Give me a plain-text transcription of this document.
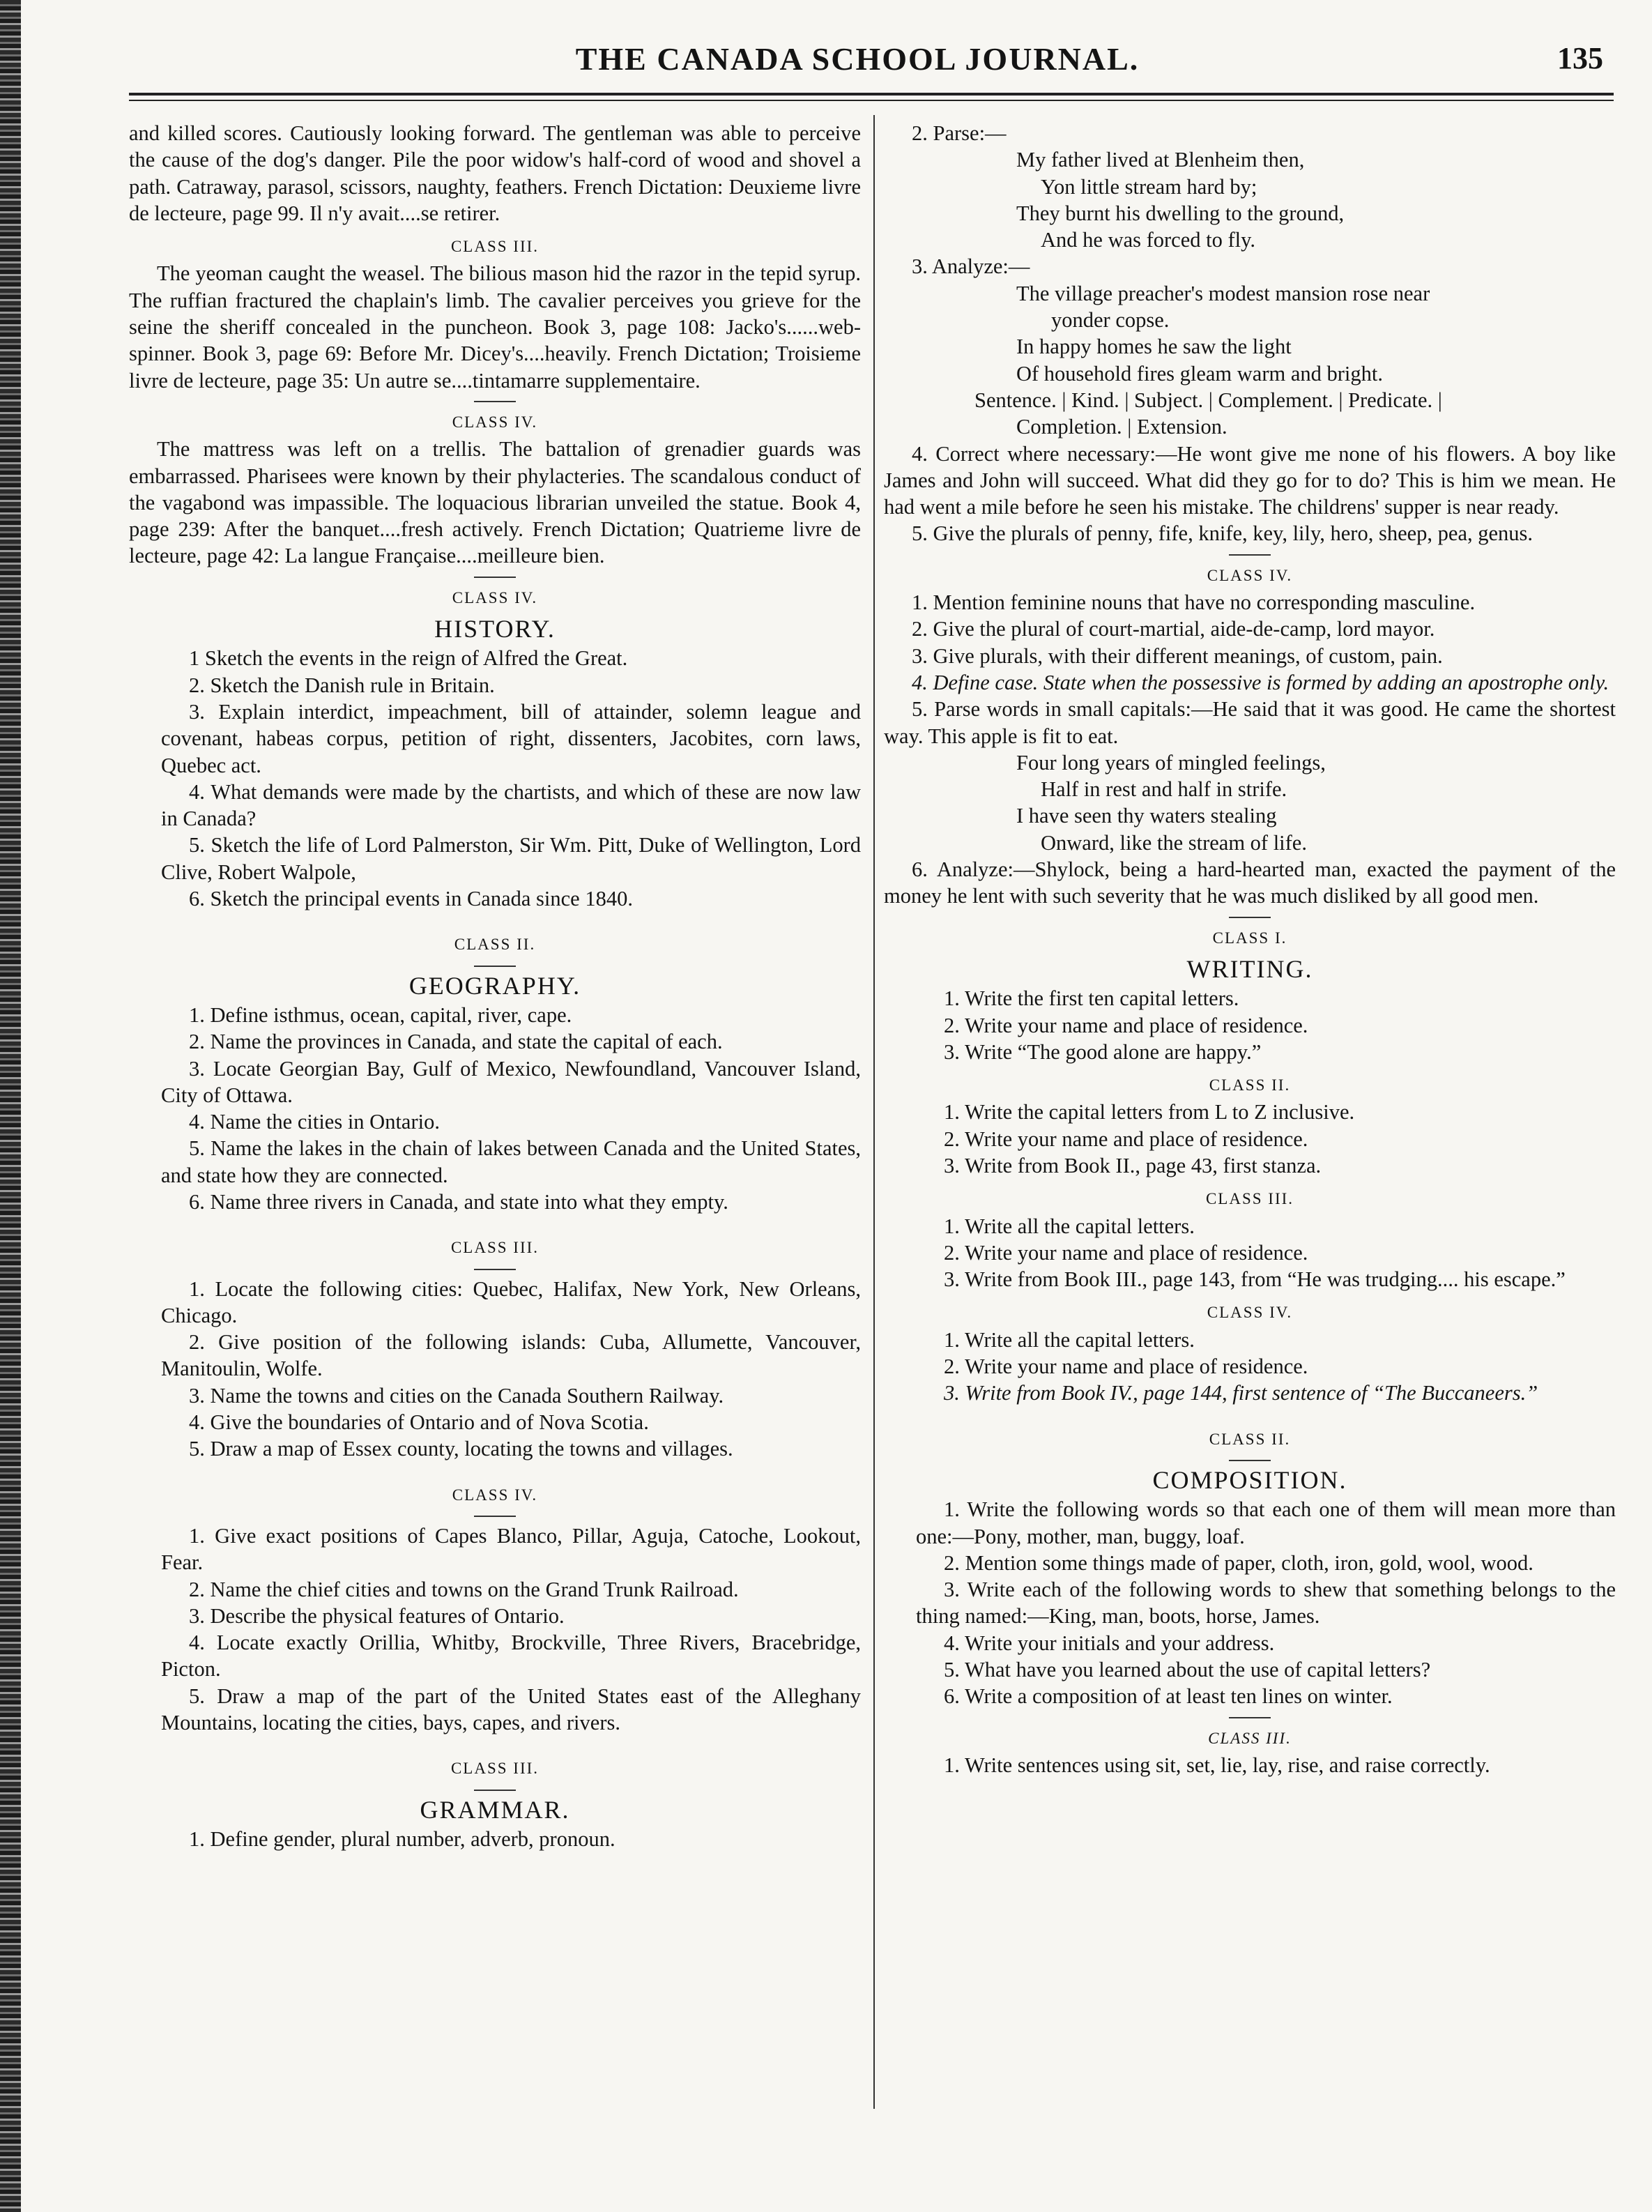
THE CANADA SCHOOL JOURNAL.	135

and killed scores. Cautiously looking forward. The gentleman was able to perceive the cause of the dog's danger. Pile the poor widow's half-cord of wood and shovel a path. Catraway, parasol, scissors, naughty, feathers. French Dictation: Deuxieme livre de lecteure, page 99. Il n'y avait....se retirer.

CLASS III.

The yeoman caught the weasel. The bilious mason hid the razor in the tepid syrup. The ruffian fractured the chaplain's limb. The cavalier perceives you grieve for the seine the sheriff concealed in the puncheon. Book 3, page 108: Jacko's......web-spinner. Book 3, page 69: Before Mr. Dicey's....heavily. French Dictation; Troisieme livre de lecteure, page 35: Un autre se....tintamarre supplementaire.

CLASS IV.

The mattress was left on a trellis. The battalion of grenadier guards was embarrassed. Pharisees were known by their phylacteries. The scandalous conduct of the vagabond was impassible. The loquacious librarian unveiled the statue. Book 4, page 239: After the banquet....fresh actively. French Dictation; Quatrieme livre de lecteure, page 42: La langue Française....meilleure bien.

CLASS IV.
HISTORY.

1 Sketch the events in the reign of Alfred the Great.

2. Sketch the Danish rule in Britain.

3. Explain interdict, impeachment, bill of attainder, solemn league and covenant, habeas corpus, petition of right, dissenters, Jacobites, corn laws, Quebec act.

4. What demands were made by the chartists, and which of these are now law in Canada?

5. Sketch the life of Lord Palmerston, Sir Wm. Pitt, Duke of Wellington, Lord Clive, Robert Walpole,

6. Sketch the principal events in Canada since 1840.

CLASS II.
GEOGRAPHY.

1. Define isthmus, ocean, capital, river, cape.

2. Name the provinces in Canada, and state the capital of each.

3. Locate Georgian Bay, Gulf of Mexico, Newfoundland, Vancouver Island, City of Ottawa.

4. Name the cities in Ontario.

5. Name the lakes in the chain of lakes between Canada and the United States, and state how they are connected.

6. Name three rivers in Canada, and state into what they empty.

CLASS III.

1. Locate the following cities: Quebec, Halifax, New York, New Orleans, Chicago.

2. Give position of the following islands: Cuba, Allumette, Vancouver, Manitoulin, Wolfe.

3. Name the towns and cities on the Canada Southern Railway.

4. Give the boundaries of Ontario and of Nova Scotia.

5. Draw a map of Essex county, locating the towns and villages.

CLASS IV.

1. Give exact positions of Capes Blanco, Pillar, Aguja, Catoche, Lookout, Fear.

2. Name the chief cities and towns on the Grand Trunk Railroad.

3. Describe the physical features of Ontario.

4. Locate exactly Orillia, Whitby, Brockville, Three Rivers, Bracebridge, Picton.

5. Draw a map of the part of the United States east of the Alleghany Mountains, locating the cities, bays, capes, and rivers.

CLASS III.
GRAMMAR.

1. Define gender, plural number, adverb, pronoun.

2. Parse:—

My father lived at Blenheim then,

Yon little stream hard by;

They burnt his dwelling to the ground,

And he was forced to fly.

3. Analyze:—

The village preacher's modest mansion rose near

yonder copse.

In happy homes he saw the light

Of household fires gleam warm and bright.

Sentence. | Kind. | Subject. | Complement. | Predicate. |

Completion. | Extension.

4. Correct where necessary:—He wont give me none of his flowers. A boy like James and John will succeed. What did they go for to do? This is him we mean. He had went a mile before he seen his mistake. The childrens' supper is near ready.

5. Give the plurals of penny, fife, knife, key, lily, hero, sheep, pea, genus.

CLASS IV.

1. Mention feminine nouns that have no corresponding masculine.

2. Give the plural of court-martial, aide-de-camp, lord mayor.

3. Give plurals, with their different meanings, of custom, pain.

4. Define case. State when the possessive is formed by adding an apostrophe only.

5. Parse words in small capitals:—He said that it was good. He came the shortest way. This apple is fit to eat.

Four long years of mingled feelings,

Half in rest and half in strife.

I have seen thy waters stealing

Onward, like the stream of life.

6. Analyze:—Shylock, being a hard-hearted man, exacted the payment of the money he lent with such severity that he was much disliked by all good men.

CLASS I.
WRITING.

1. Write the first ten capital letters.

2. Write your name and place of residence.

3. Write “The good alone are happy.”

CLASS II.

1. Write the capital letters from L to Z inclusive.

2. Write your name and place of residence.

3. Write from Book II., page 43, first stanza.

CLASS III.

1. Write all the capital letters.

2. Write your name and place of residence.

3. Write from Book III., page 143, from “He was trudging.... his escape.”

CLASS IV.

1. Write all the capital letters.

2. Write your name and place of residence.

3. Write from Book IV., page 144, first sentence of “The Buccaneers.”

CLASS II.
COMPOSITION.

1. Write the following words so that each one of them will mean more than one:—Pony, mother, man, buggy, loaf.

2. Mention some things made of paper, cloth, iron, gold, wool, wood.

3. Write each of the following words to shew that something belongs to the thing named:—King, man, boots, horse, James.

4. Write your initials and your address.

5. What have you learned about the use of capital letters?

6. Write a composition of at least ten lines on winter.

CLASS III.

1. Write sentences using sit, set, lie, lay, rise, and raise correctly.
